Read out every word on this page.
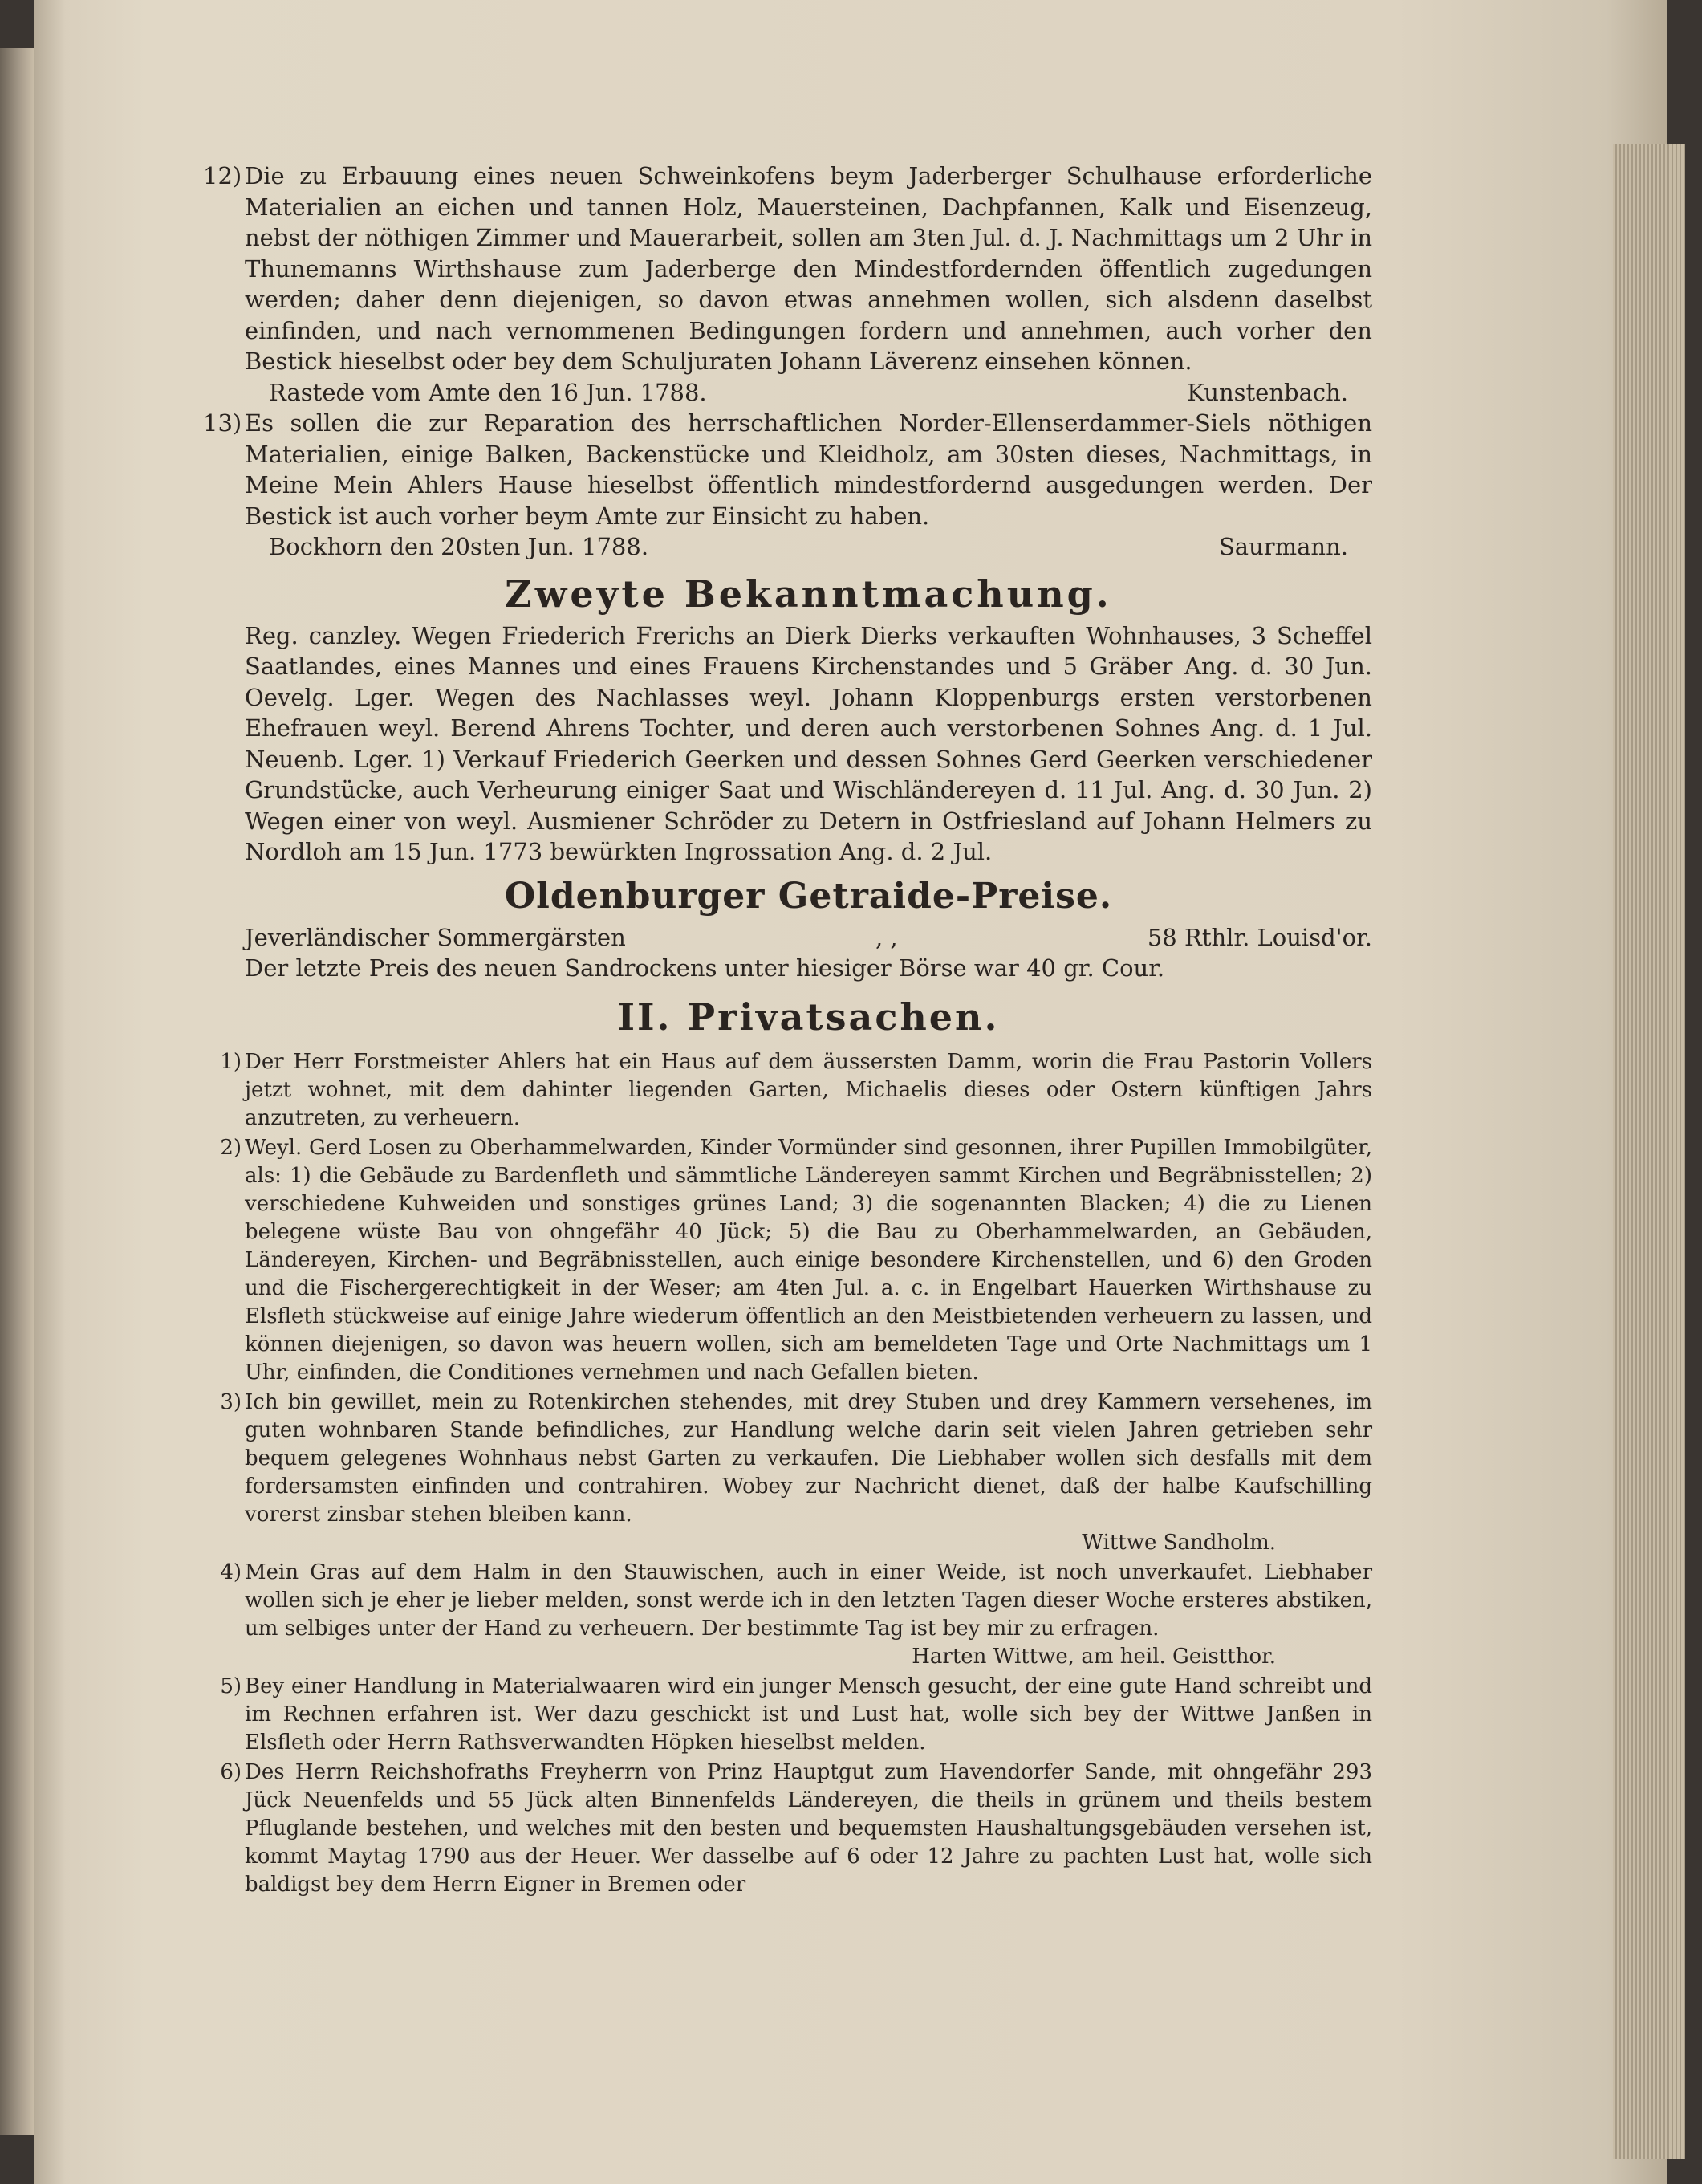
12) Die zu Erbauung eines neuen Schweinkofens beym Jaderberger Schulhause erforderliche Materialien an eichen und tannen Holz, Mauersteinen, Dachpfannen, Kalk und Eisenzeug, nebst der nöthigen Zimmer und Mauerarbeit, sollen am 3ten Jul. d. J. Nachmittags um 2 Uhr in Thunemanns Wirthshause zum Jaderberge den Mindestfordernden öffentlich zugedungen werden; daher denn diejenigen, so davon etwas annehmen wollen, sich alsdenn daselbst einfinden, und nach vernommenen Bedingungen fordern und annehmen, auch vorher den Bestick hieselbst oder bey dem Schuljuraten Johann Läverenz einsehen können.

Rastede vom Amte den 16 Jun. 1788.	Kunstenbach.
13) Es sollen die zur Reparation des herrschaftlichen Norder-Ellenserdammer-Siels nöthigen Materialien, einige Balken, Backenstücke und Kleidholz, am 30sten dieses, Nachmittags, in Meine Mein Ahlers Hause hieselbst öffentlich mindestfordernd ausgedungen werden. Der Bestick ist auch vorher beym Amte zur Einsicht zu haben.

Bockhorn den 20sten Jun. 1788.	Saurmann.
Zweyte Bekanntmachung.

Reg. canzley. Wegen Friederich Frerichs an Dierk Dierks verkauften Wohnhauses, 3 Scheffel Saatlandes, eines Mannes und eines Frauens Kirchenstandes und 5 Gräber Ang. d. 30 Jun. Oevelg. Lger. Wegen des Nachlasses weyl. Johann Kloppenburgs ersten verstorbenen Ehefrauen weyl. Berend Ahrens Tochter, und deren auch verstorbenen Sohnes Ang. d. 1 Jul. Neuenb. Lger. 1) Verkauf Friederich Geerken und dessen Sohnes Gerd Geerken verschiedener Grundstücke, auch Verheurung einiger Saat und Wischländereyen d. 11 Jul. Ang. d. 30 Jun. 2) Wegen einer von weyl. Ausmiener Schröder zu Detern in Ostfriesland auf Johann Helmers zu Nordloh am 15 Jun. 1773 bewürkten Ingrossation Ang. d. 2 Jul.

Oldenburger Getraide-Preise.
Jeverländischer Sommergärsten	, ,	58 Rthlr. Louisd'or.

Der letzte Preis des neuen Sandrockens unter hiesiger Börse war 40 gr. Cour.

II. Privatsachen.
1) Der Herr Forstmeister Ahlers hat ein Haus auf dem äussersten Damm, worin die Frau Pastorin Vollers jetzt wohnet, mit dem dahinter liegenden Garten, Michaelis dieses oder Ostern künftigen Jahrs anzutreten, zu verheuern.

2) Weyl. Gerd Losen zu Oberhammelwarden, Kinder Vormünder sind gesonnen, ihrer Pupillen Immobilgüter, als: 1) die Gebäude zu Bardenfleth und sämmtliche Ländereyen sammt Kirchen und Begräbnisstellen; 2) verschiedene Kuhweiden und sonstiges grünes Land; 3) die sogenannten Blacken; 4) die zu Lienen belegene wüste Bau von ohngefähr 40 Jück; 5) die Bau zu Oberhammelwarden, an Gebäuden, Ländereyen, Kirchen- und Begräbnisstellen, auch einige besondere Kirchenstellen, und 6) den Groden und die Fischergerechtigkeit in der Weser; am 4ten Jul. a. c. in Engelbart Hauerken Wirthshause zu Elsfleth stückweise auf einige Jahre wiederum öffentlich an den Meistbietenden verheuern zu lassen, und können diejenigen, so davon was heuern wollen, sich am bemeldeten Tage und Orte Nachmittags um 1 Uhr, einfinden, die Conditiones vernehmen und nach Gefallen bieten.

3) Ich bin gewillet, mein zu Rotenkirchen stehendes, mit drey Stuben und drey Kammern versehenes, im guten wohnbaren Stande befindliches, zur Handlung welche darin seit vielen Jahren getrieben sehr bequem gelegenes Wohnhaus nebst Garten zu verkaufen. Die Liebhaber wollen sich desfalls mit dem fordersamsten einfinden und contrahiren. Wobey zur Nachricht dienet, daß der halbe Kaufschilling vorerst zinsbar stehen bleiben kann.

Wittwe Sandholm.
4) Mein Gras auf dem Halm in den Stauwischen, auch in einer Weide, ist noch unverkaufet. Liebhaber wollen sich je eher je lieber melden, sonst werde ich in den letzten Tagen dieser Woche ersteres abstiken, um selbiges unter der Hand zu verheuern. Der bestimmte Tag ist bey mir zu erfragen.

Harten Wittwe, am heil. Geistthor.
5) Bey einer Handlung in Materialwaaren wird ein junger Mensch gesucht, der eine gute Hand schreibt und im Rechnen erfahren ist. Wer dazu geschickt ist und Lust hat, wolle sich bey der Wittwe Janßen in Elsfleth oder Herrn Rathsverwandten Höpken hieselbst melden.

6) Des Herrn Reichshofraths Freyherrn von Prinz Hauptgut zum Havendorfer Sande, mit ohngefähr 293 Jück Neuenfelds und 55 Jück alten Binnenfelds Ländereyen, die theils in grünem und theils bestem Pfluglande bestehen, und welches mit den besten und bequemsten Haushaltungsgebäuden versehen ist, kommt Maytag 1790 aus der Heuer. Wer dasselbe auf 6 oder 12 Jahre zu pachten Lust hat, wolle sich baldigst bey dem Herrn Eigner in Bremen oder
